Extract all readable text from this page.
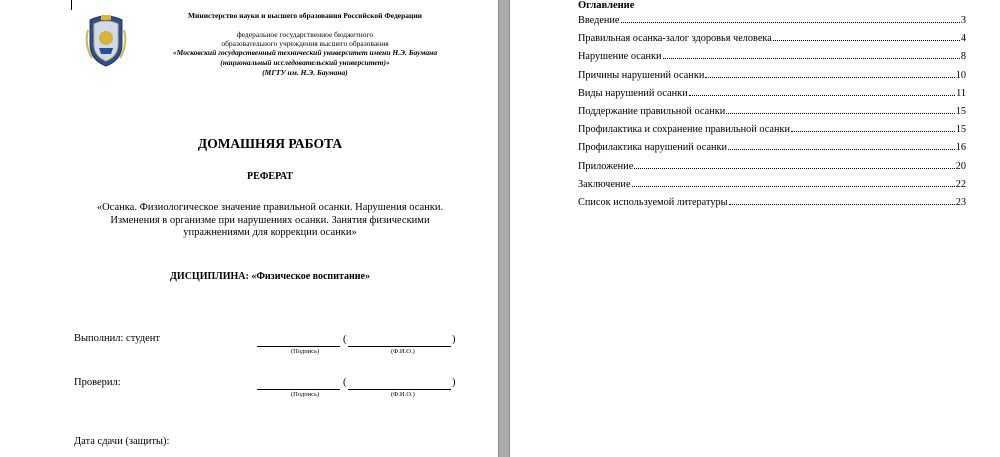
Министерство науки и высшего образования Российской Федерации
федеральное государственное бюджетного
образовательного учреждения высшего образования
«Московский государственный технический университет имени Н.Э. Баумана
(национальный исследовательский университет)»
(МГТУ им. Н.Э. Баумана)
ДОМАШНЯЯ РАБОТА
РЕФЕРАТ
«Осанка. Физиологическое значение правильной осанки. Нарушения осанки. Изменения в организме при нарушениях осанки. Занятия физическими упражнениями для коррекции осанки»
ДИСЦИПЛИНА: «Физическое воспитание»
Выполнил: студент	(	)
(Подпись)	(Ф.И.О.)
Проверил:	(	)
(Подпись)	(Ф.И.О.)
Дата сдачи (защиты):
Оглавление
Введение	3
Правильная осанка-залог здоровья человека	4
Нарушение осанки	8
Причины нарушений осанки	10
Виды нарушений осанки	11
Поддержание правильной осанки	15
Профилактика и сохранение правильной осанки	15
Профилактика нарушений осанки	16
Приложение	20
Заключение	22
Список используемой литературы	23
